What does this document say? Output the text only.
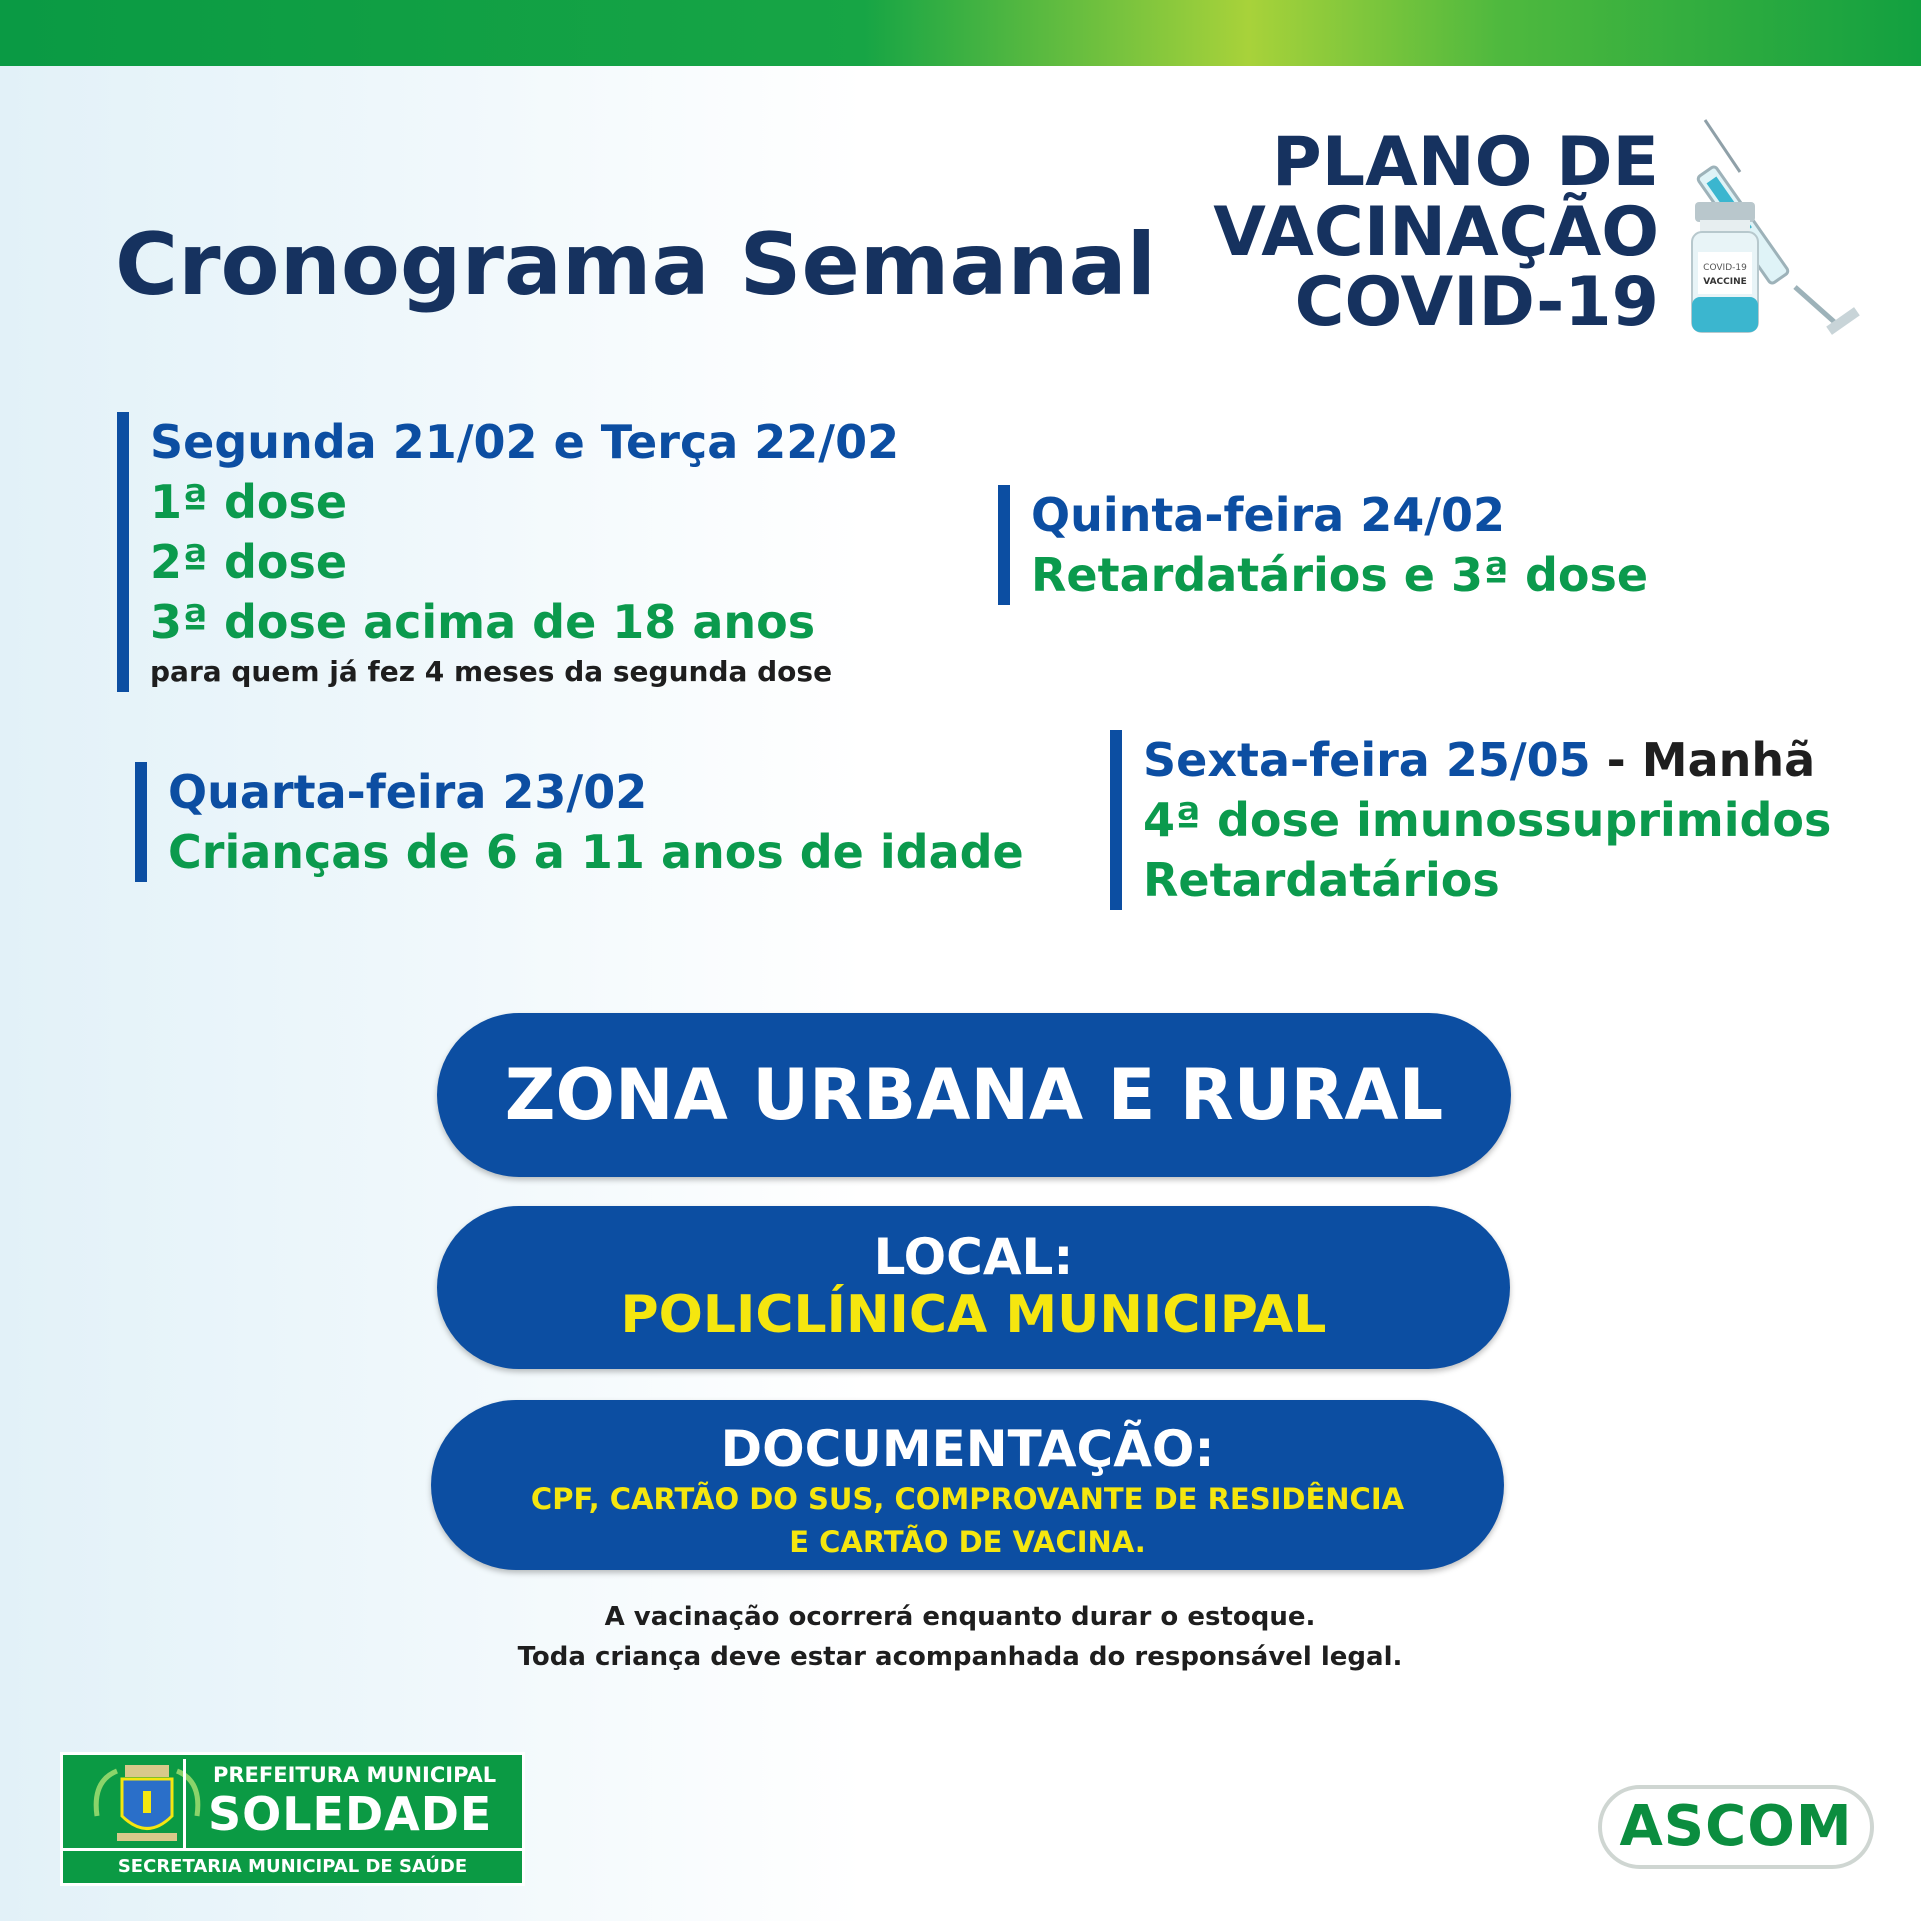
Cronograma Semanal
PLANO DE
VACINAÇÃO
COVID-19	COVID-19
VACCINE
Segunda 21/02 e Terça 22/02
1ª dose
2ª dose
3ª dose acima de 18 anos
para quem já fez 4 meses da segunda dose
Quinta-feira 24/02
Retardatários e 3ª dose
Quarta-feira 23/02
Crianças de 6 a 11 anos de idade
Sexta-feira 25/05 - Manhã
4ª dose imunossuprimidos
Retardatários
ZONA URBANA E RURAL
LOCAL:
POLICLÍNICA MUNICIPAL
DOCUMENTAÇÃO:
CPF, CARTÃO DO SUS, COMPROVANTE DE RESIDÊNCIA
E CARTÃO DE VACINA.
A vacinação ocorrerá enquanto durar o estoque.
Toda criança deve estar acompanhada do responsável legal.
PREFEITURA MUNICIPAL
SOLEDADE
SECRETARIA MUNICIPAL DE SAÚDE
ASCOM
